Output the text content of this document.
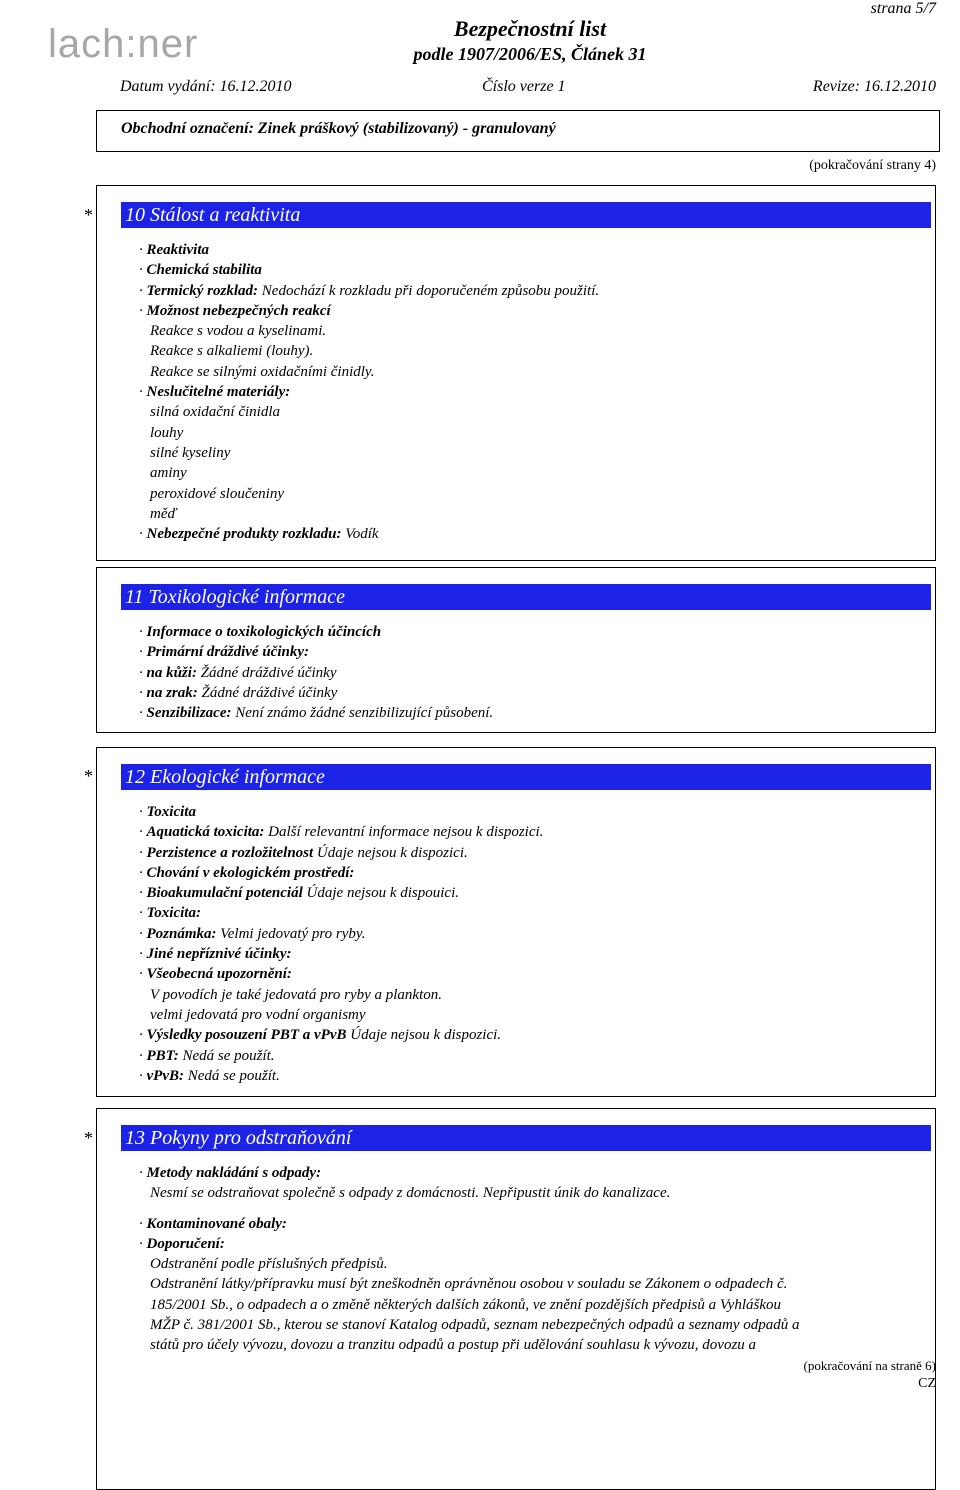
lach:ner
strana 5/7
Bezpečnostní list
podle 1907/2006/ES, Článek 31
Datum vydání: 16.12.2010	Číslo verze 1	Revize: 16.12.2010
Obchodní označení: Zinek práškový (stabilizovaný) - granulovaný
(pokračování strany 4)
10 Stálost a reaktivita
· Reaktivita
· Chemická stabilita
· Termický rozklad: Nedochází k rozkladu při doporučeném způsobu použití.
· Možnost nebezpečných reakcí
Reakce s vodou a kyselinami.
Reakce s alkaliemi (louhy).
Reakce se silnými oxidačními činidly.
· Neslučitelné materiály:
silná oxidační činidla
louhy
silné kyseliny
aminy
peroxidové sloučeniny
měď
· Nebezpečné produkty rozkladu: Vodík
11 Toxikologické informace
· Informace o toxikologických účincích
· Primární dráždivé účinky:
· na kůži: Žádné dráždivé účinky
· na zrak: Žádné dráždivé účinky
· Senzibilizace: Není známo žádné senzibilizující působení.
12 Ekologické informace
· Toxicita
· Aquatická toxicita: Další relevantní informace nejsou k dispozici.
· Perzistence a rozložitelnost Údaje nejsou k dispozici.
· Chování v ekologickém prostředí:
· Bioakumulační potenciál Údaje nejsou k dispouici.
· Toxicita:
· Poznámka: Velmi jedovatý pro ryby.
· Jiné nepříznivé účinky:
· Všeobecná upozornění:
V povodích je také jedovatá pro ryby a plankton.
velmi jedovatá pro vodní organismy
· Výsledky posouzení PBT a vPvB Údaje nejsou k dispozici.
· PBT: Nedá se použít.
· vPvB: Nedá se použít.
13 Pokyny pro odstraňování
· Metody nakládání s odpady:
Nesmí se odstraňovat společně s odpady z domácnosti. Nepřipustit únik do kanalizace.
· Kontaminované obaly:
· Doporučení:
Odstranění podle příslušných předpisů.
Odstranění látky/přípravku musí být zneškodněn oprávněnou osobou v souladu se Zákonem o odpadech č.
185/2001 Sb., o odpadech a o změně některých dalších zákonů, ve znění pozdějších předpisů a Vyhláškou
MŽP č. 381/2001 Sb., kterou se stanoví Katalog odpadů, seznam nebezpečných odpadů a seznamy odpadů a
států pro účely vývozu, dovozu a tranzitu odpadů a postup při udělování souhlasu k vývozu, dovozu a
(pokračování na straně 6)
CZ
*
*
*
